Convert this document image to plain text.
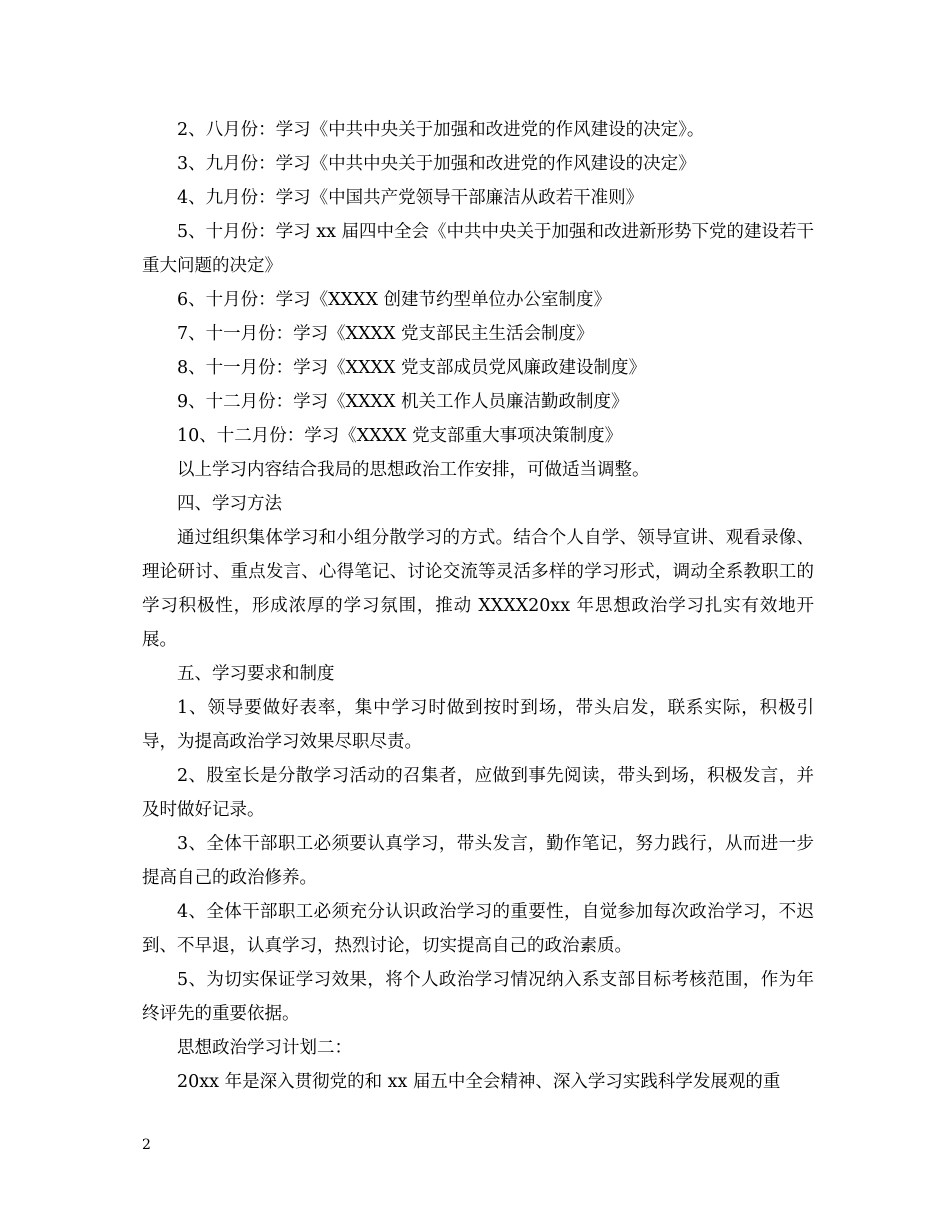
2、八月份：学习《中共中央关于加强和改进党的作风建设的决定》。

3、九月份：学习《中共中央关于加强和改进党的作风建设的决定》

4、九月份：学习《中国共产党领导干部廉洁从政若干准则》

5、十月份：学习 xx 届四中全会《中共中央关于加强和改进新形势下党的建设若干重大问题的决定》

6、十月份：学习《XXXX 创建节约型单位办公室制度》

7、十一月份：学习《XXXX 党支部民主生活会制度》

8、十一月份：学习《XXXX 党支部成员党风廉政建设制度》

9、十二月份：学习《XXXX 机关工作人员廉洁勤政制度》

10、十二月份：学习《XXXX 党支部重大事项决策制度》

以上学习内容结合我局的思想政治工作安排，可做适当调整。

四、学习方法

通过组织集体学习和小组分散学习的方式。结合个人自学、领导宣讲、观看录像、理论研讨、重点发言、心得笔记、讨论交流等灵活多样的学习形式，调动全系教职工的学习积极性，形成浓厚的学习氛围，推动 XXXX20xx 年思想政治学习扎实有效地开展。

五、学习要求和制度

1、领导要做好表率，集中学习时做到按时到场，带头启发，联系实际，积极引导，为提高政治学习效果尽职尽责。

2、股室长是分散学习活动的召集者，应做到事先阅读，带头到场，积极发言，并及时做好记录。

3、全体干部职工必须要认真学习，带头发言，勤作笔记，努力践行，从而进一步提高自己的政治修养。

4、全体干部职工必须充分认识政治学习的重要性，自觉参加每次政治学习，不迟到、不早退，认真学习，热烈讨论，切实提高自己的政治素质。

5、为切实保证学习效果，将个人政治学习情况纳入系支部目标考核范围，作为年终评先的重要依据。

思想政治学习计划二：

20xx 年是深入贯彻党的和 xx 届五中全会精神、深入学习实践科学发展观的重

2
